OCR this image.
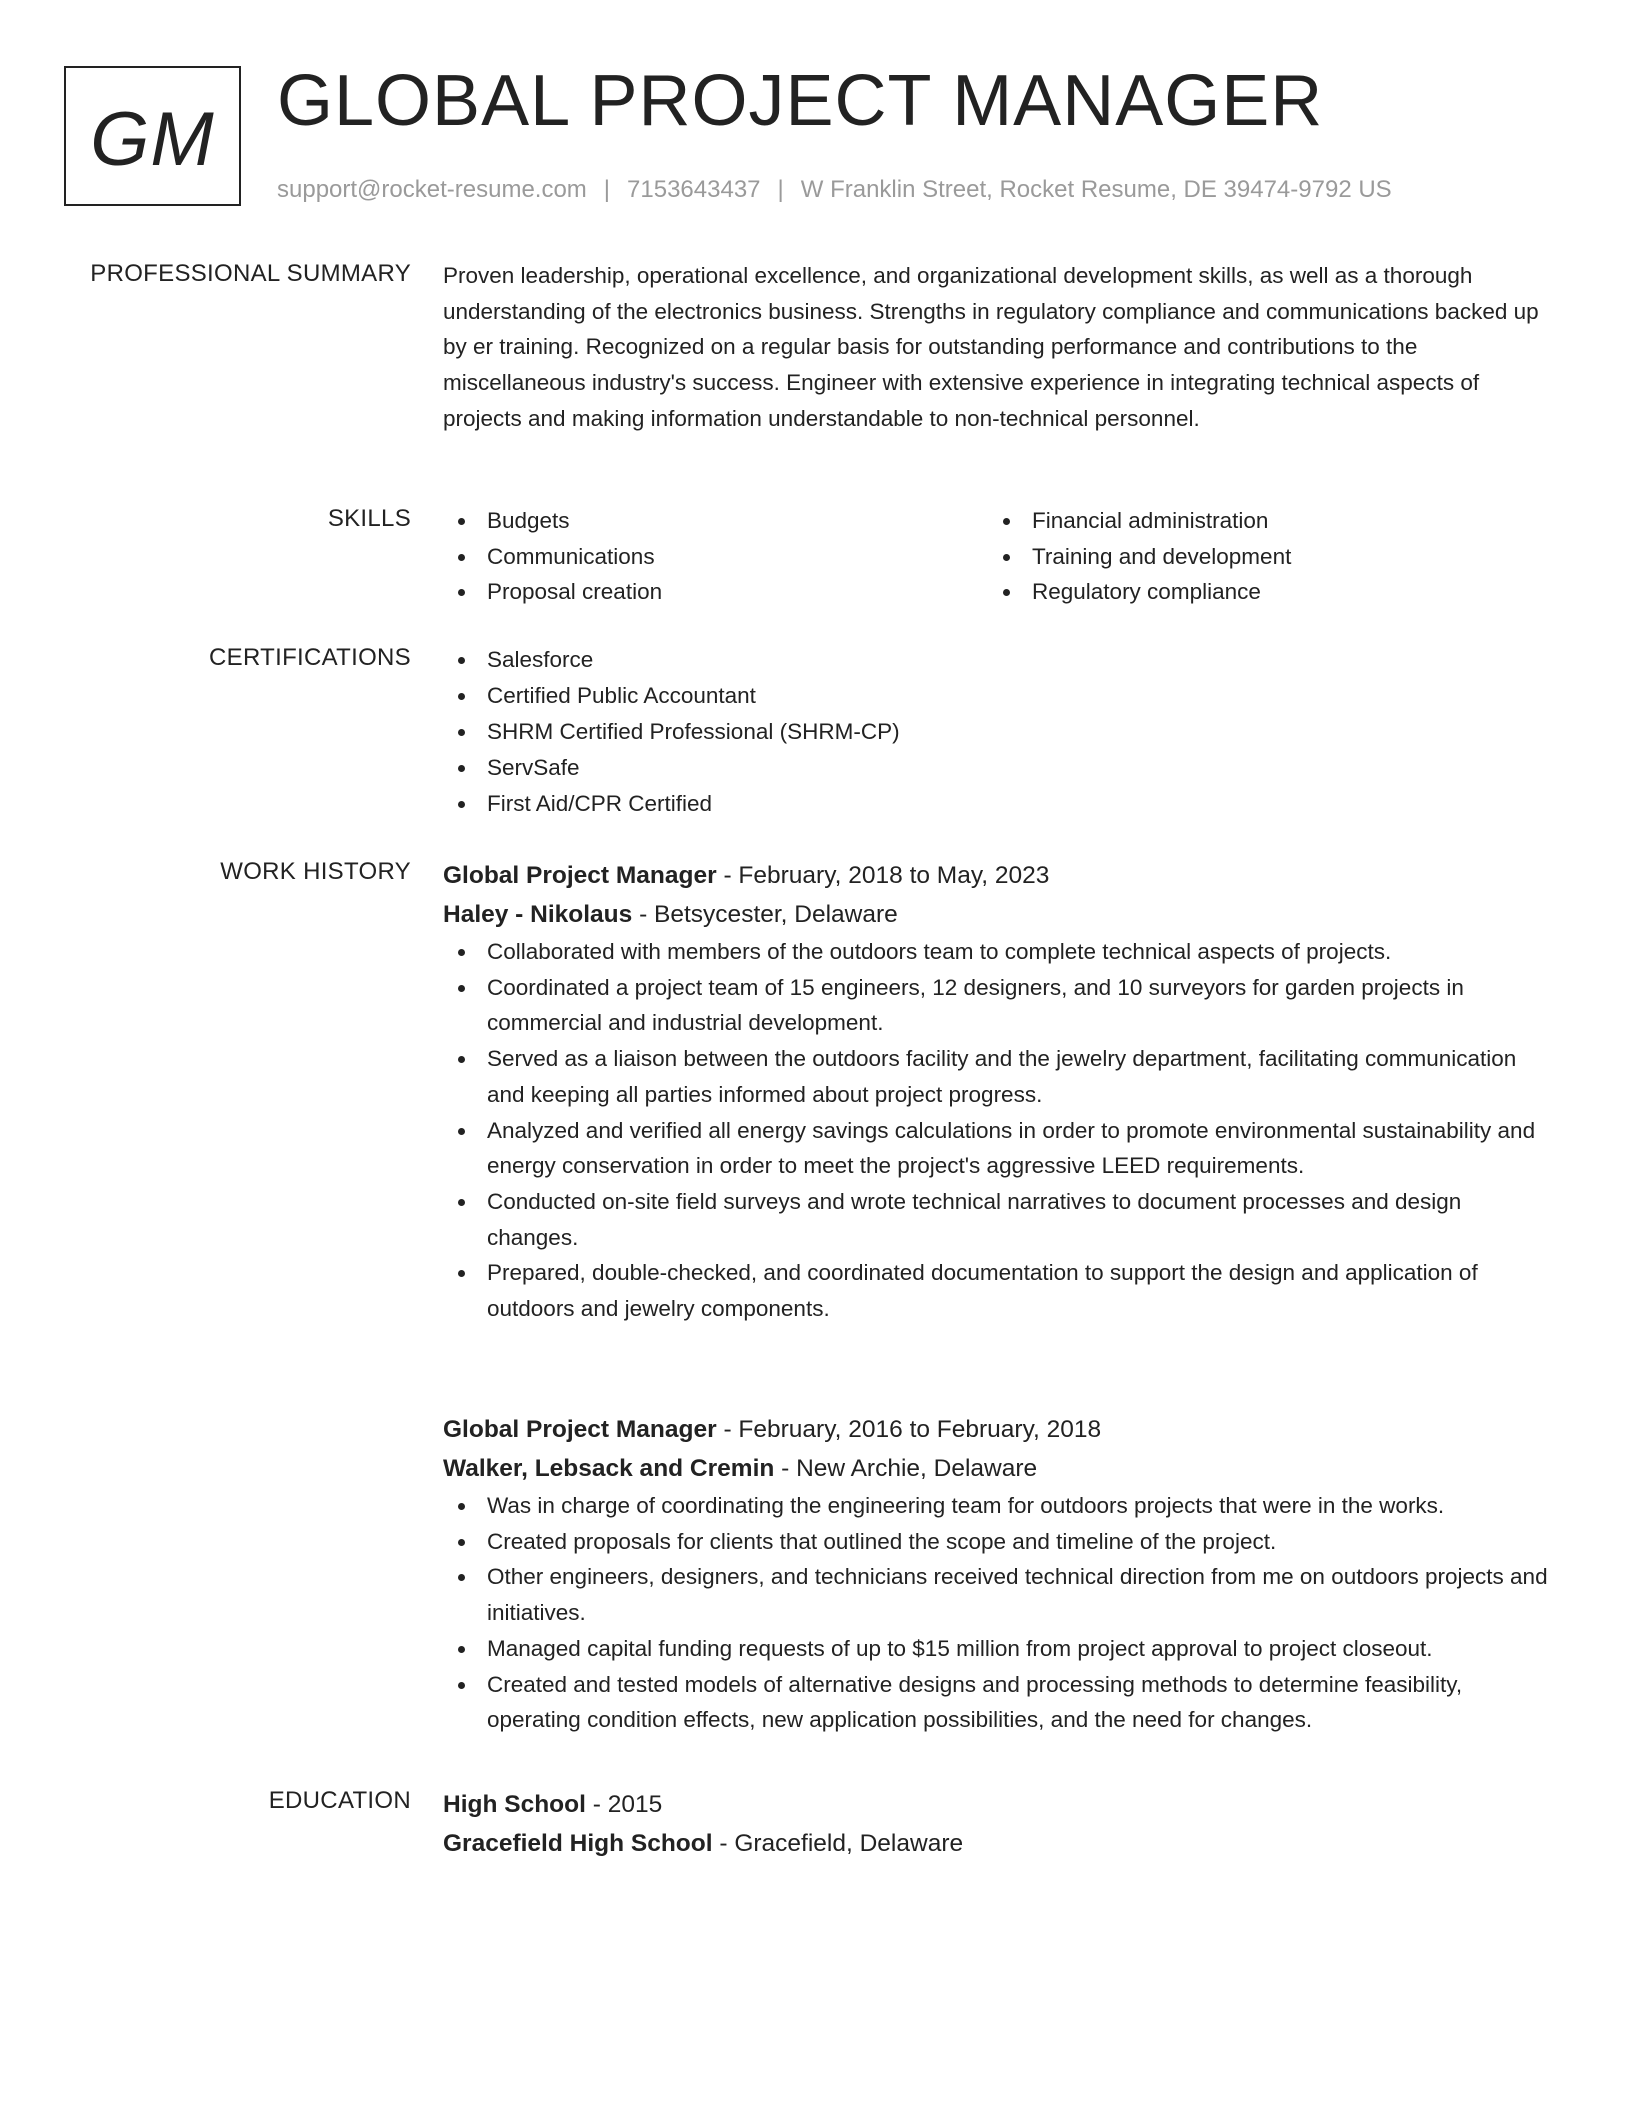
GM GLOBAL PROJECT MANAGER
support@rocket-resume.com | 7153643437 | W Franklin Street, Rocket Resume, DE 39474-9792 US
PROFESSIONAL SUMMARY Proven leadership, operational excellence, and organizational development skills, as well as a thorough understanding of the electronics business. Strengths in regulatory compliance and communications backed up by er training. Recognized on a regular basis for outstanding performance and contributions to the miscellaneous industry's success. Engineer with extensive experience in integrating technical aspects of projects and making information understandable to non-technical personnel.

SKILLS	Budgets
Communications
Proposal creation
Financial administration
Training and development
Regulatory compliance
CERTIFICATIONS	Salesforce
Certified Public Accountant
SHRM Certified Professional (SHRM-CP)
ServSafe
First Aid/CPR Certified
WORK HISTORY Global Project Manager - February, 2018 to May, 2023
Haley - Nikolaus - Betsycester, Delaware
Collaborated with members of the outdoors team to complete technical aspects of projects.
Coordinated a project team of 15 engineers, 12 designers, and 10 surveyors for garden projects in commercial and industrial development.
Served as a liaison between the outdoors facility and the jewelry department, facilitating communication and keeping all parties informed about project progress.
Analyzed and verified all energy savings calculations in order to promote environmental sustainability and energy conservation in order to meet the project's aggressive LEED requirements.
Conducted on-site field surveys and wrote technical narratives to document processes and design changes.
Prepared, double-checked, and coordinated documentation to support the design and application of outdoors and jewelry components.
Global Project Manager - February, 2016 to February, 2018
Walker, Lebsack and Cremin - New Archie, Delaware
Was in charge of coordinating the engineering team for outdoors projects that were in the works.
Created proposals for clients that outlined the scope and timeline of the project.
Other engineers, designers, and technicians received technical direction from me on outdoors projects and initiatives.
Managed capital funding requests of up to $15 million from project approval to project closeout.
Created and tested models of alternative designs and processing methods to determine feasibility, operating condition effects, new application possibilities, and the need for changes.
EDUCATION High School - 2015
Gracefield High School - Gracefield, Delaware
